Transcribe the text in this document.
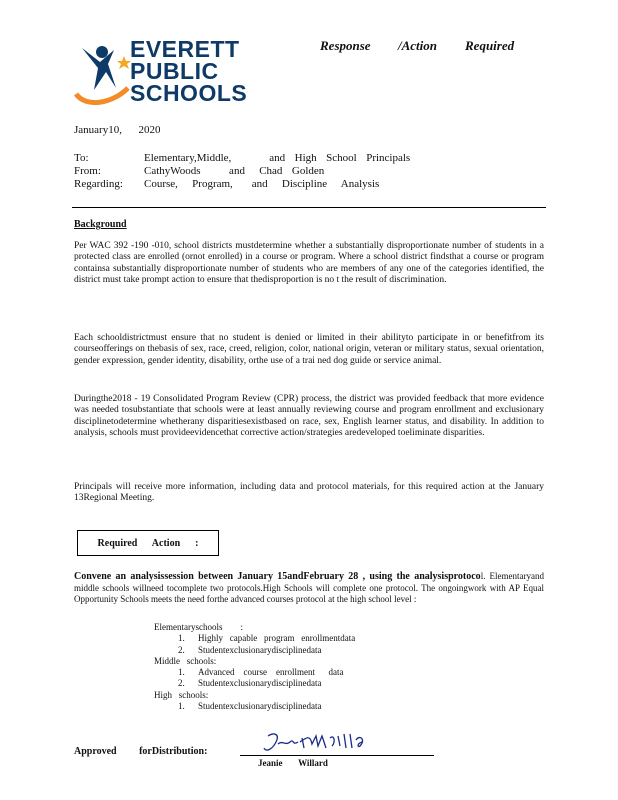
EVERETT
PUBLIC
SCHOOLS
Response /Action Required
January10,      2020
To:	Elementary,Middle,        and  High  School  Principals
From:	CathyWoods      and   Chad  Golden
Regarding:	Course,   Program,    and   Discipline   Analysis
Background
Per WAC 392 -190 -010, school districts mustdetermine whether a substantially disproportionate number of students in a protected class are enrolled (ornot enrolled) in a course or program. Where a school district findsthat a course or program containsa substantially disproportionate number of students who are members of any one of the categories identified, the district must take prompt action to ensure that thedisproportion is no t the result of discrimination.
Each schooldistrictmust ensure that no student is denied or limited in their abilityto participate in or benefitfrom its courseofferings on thebasis of sex, race, creed, religion, color, national origin, veteran or military status, sexual orientation, gender expression, gender identity, disability, orthe use of a trai ned dog guide or service animal.
Duringthe2018 - 19 Consolidated Program Review (CPR) process, the district was provided feedback that more evidence was needed tosubstantiate that schools were at least annually reviewing course and program enrollment and exclusionary disciplinetodetermine whetherany disparitiesexistbased on race, sex, English learner status, and disability. In addition to analysis, schools must provideevidencethat corrective action/strategies aredeveloped toeliminate disparities.
Principals will receive more information, including data and protocol materials, for this required action at the January 13Regional Meeting.
Required      Action      :
Convene an analysissession between January 15andFebruary 28 , using the analysisprotocol. Elementaryand middle schools willneed tocomplete two protocols.High Schools will complete one protocol. The ongoingwork with AP Equal Opportunity Schools meets the need forthe advanced courses protocol at the high school level :
Elementaryschools        :
1.	Highly   capable   program   enrollmentdata
2.	Studentexclusionarydisciplinedata
Middle   schools:
1.	Advanced    course    enrollment      data
2.	Studentexclusionarydisciplinedata
High   schools:
1.	Studentexclusionarydisciplinedata
Approved         forDistribution:
Jeanie       Willard
